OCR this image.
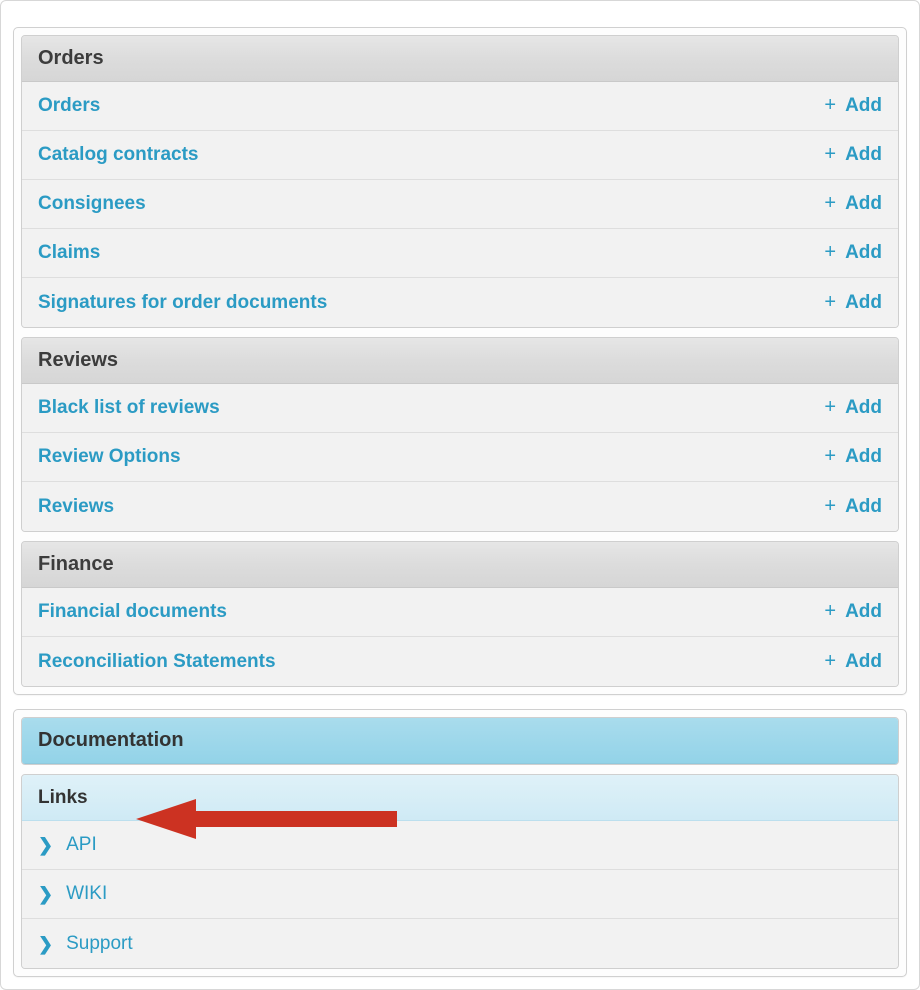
Orders
Orders	+ Add
Catalog contracts	+ Add
Consignees	+ Add
Claims	+ Add
Signatures for order documents	+ Add
Reviews
Black list of reviews	+ Add
Review Options	+ Add
Reviews	+ Add
Finance
Financial documents	+ Add
Reconciliation Statements	+ Add
Documentation
Links
❯ API
❯ WIKI
❯ Support
